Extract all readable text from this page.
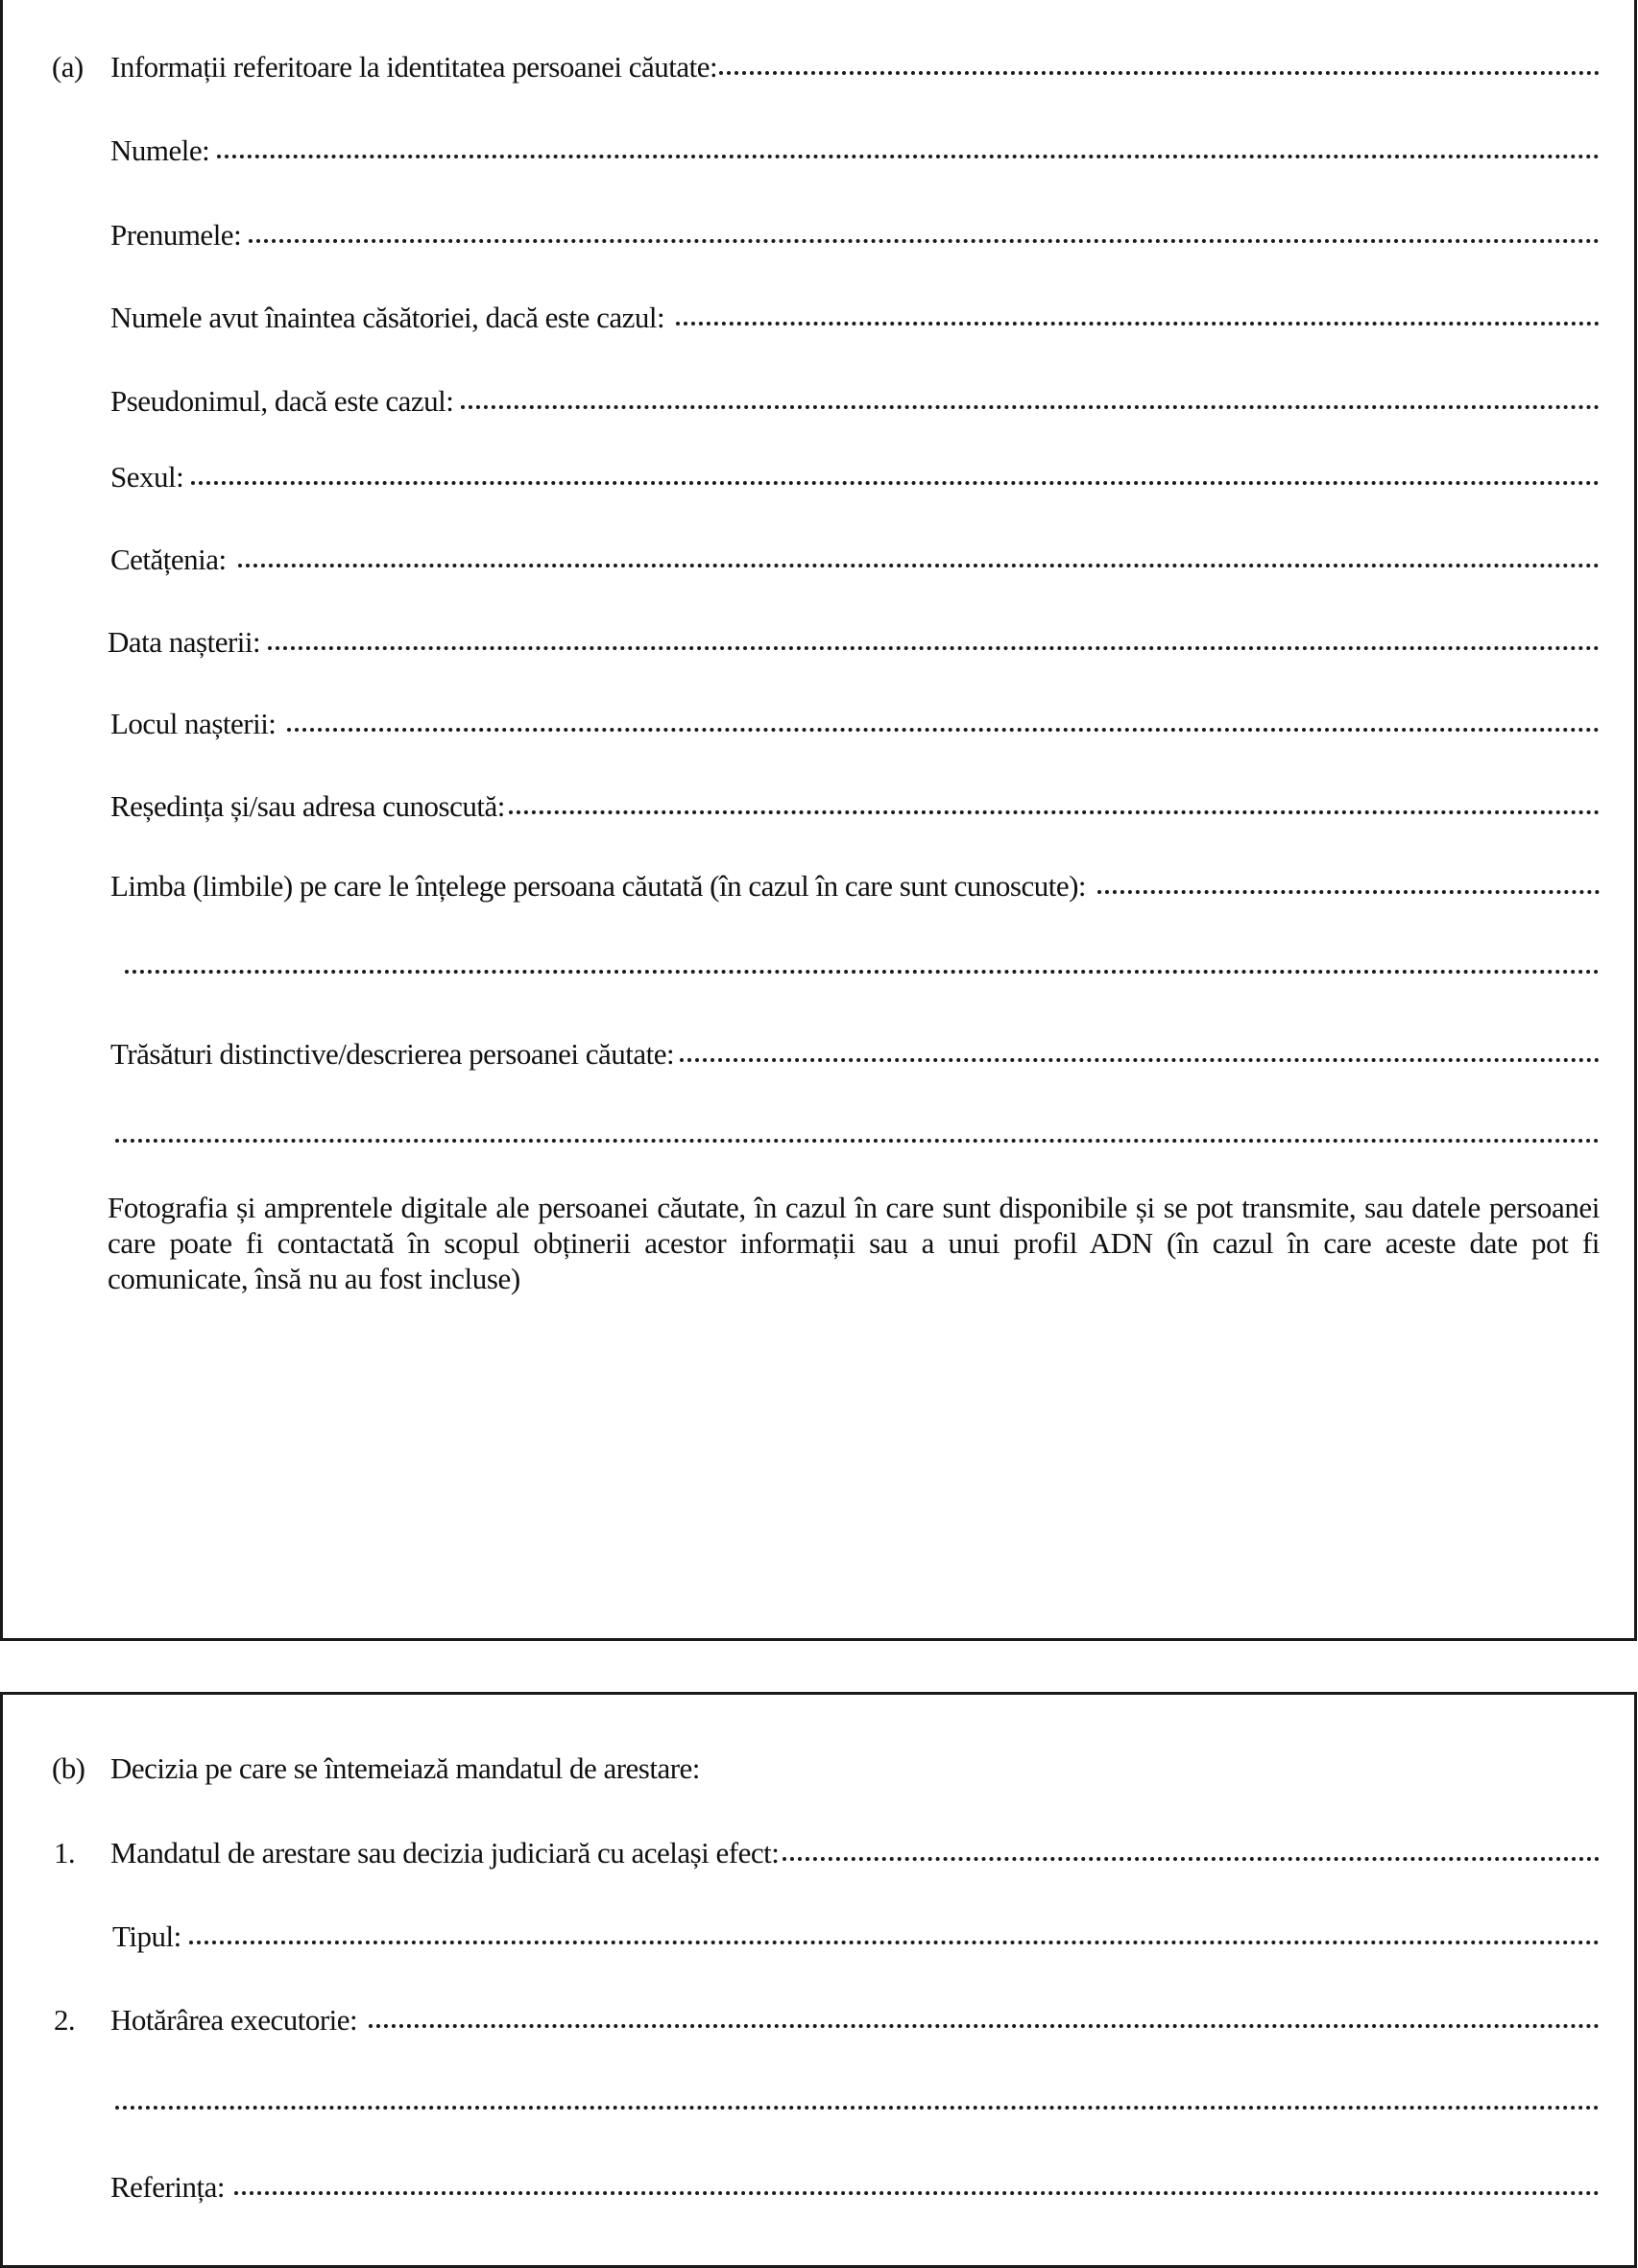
(a) Informații referitoare la identitatea persoanei căutate:
Numele:
Prenumele:
Numele avut înaintea căsătoriei, dacă este cazul:
Pseudonimul, dacă este cazul:
Sexul:
Cetățenia:
Data nașterii:
Locul nașterii:
Reședința și/sau adresa cunoscută:
Limba (limbile) pe care le înțelege persoana căutată (în cazul în care sunt cunoscute):
Trăsături distinctive/descrierea persoanei căutate:
Fotografia și amprentele digitale ale persoanei căutate, în cazul în care sunt disponibile și se pot transmite, sau datele persoanei care poate fi contactată în scopul obținerii acestor informații sau a unui profil ADN (în cazul în care aceste date pot fi comunicate, însă nu au fost incluse)
(b) Decizia pe care se întemeiază mandatul de arestare:
1. Mandatul de arestare sau decizia judiciară cu același efect:
Tipul:
2. Hotărârea executorie:
Referința:
